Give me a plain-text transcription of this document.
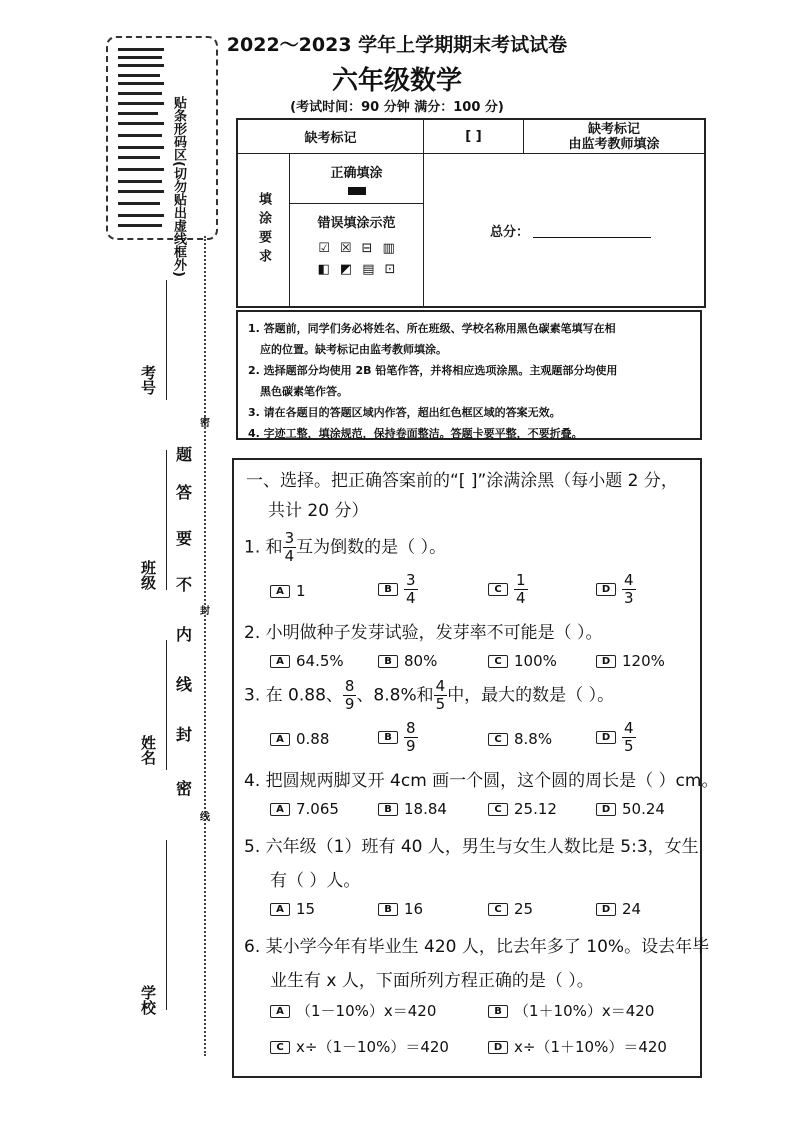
贴条形码区(切勿贴出虚线框外)
考号
班级
姓名
学校
题
答
要
不
内
线
封
密
密
封
线
2022～2023 学年上学期期末考试试卷
六年级数学
(考试时间：90 分钟 满分：100 分)
缺考标记	[ ]	缺考标记
由监考教师填涂
填涂要求
正确填涂
错误填涂示范
☑ ☒ ⊟ ▥
◧ ◩ ▤ ⊡
总分：
1. 答题前，同学们务必将姓名、所在班级、学校名称用黑色碳素笔填写在相
应的位置。缺考标记由监考教师填涂。
2. 选择题部分均使用 2B 铅笔作答，并将相应选项涂黑。主观题部分均使用
黑色碳素笔作答。
3. 请在各题目的答题区域内作答，超出红色框区域的答案无效。
4. 字迹工整，填涂规范，保持卷面整洁。答题卡要平整，不要折叠。
一、选择。把正确答案前的“[ ]”涂满涂黑（每小题 2 分，
共计 20 分）
1. 和 $\frac{3}{4}$ 互为倒数的是（ ）。
A 1	B $\frac{3}{4}$	C $\frac{1}{4}$	D $\frac{4}{3}$
2. 小明做种子发芽试验，发芽率不可能是（ ）。
A 64.5%	B 80%	C 100%	D 120%
3. 在 0.88、 $\frac{8}{9}$ 、8.8%和 $\frac{4}{5}$ 中，最大的数是（ ）。
A 0.88	B $\frac{8}{9}$	C 8.8%	D $\frac{4}{5}$
4. 把圆规两脚叉开 4cm 画一个圆，这个圆的周长是（ ）cm。
A 7.065	B 18.84	C 25.12	D 50.24
5. 六年级（1）班有 40 人，男生与女生人数比是 5:3，女生
有（ ）人。
A 15	B 16	C 25	D 24
6. 某小学今年有毕业生 420 人，比去年多了 10%。设去年毕
业生有 x 人，下面所列方程正确的是（ ）。
A （1－10%）x＝420	B （1＋10%）x＝420
C x÷（1－10%）＝420	D x÷（1＋10%）＝420
